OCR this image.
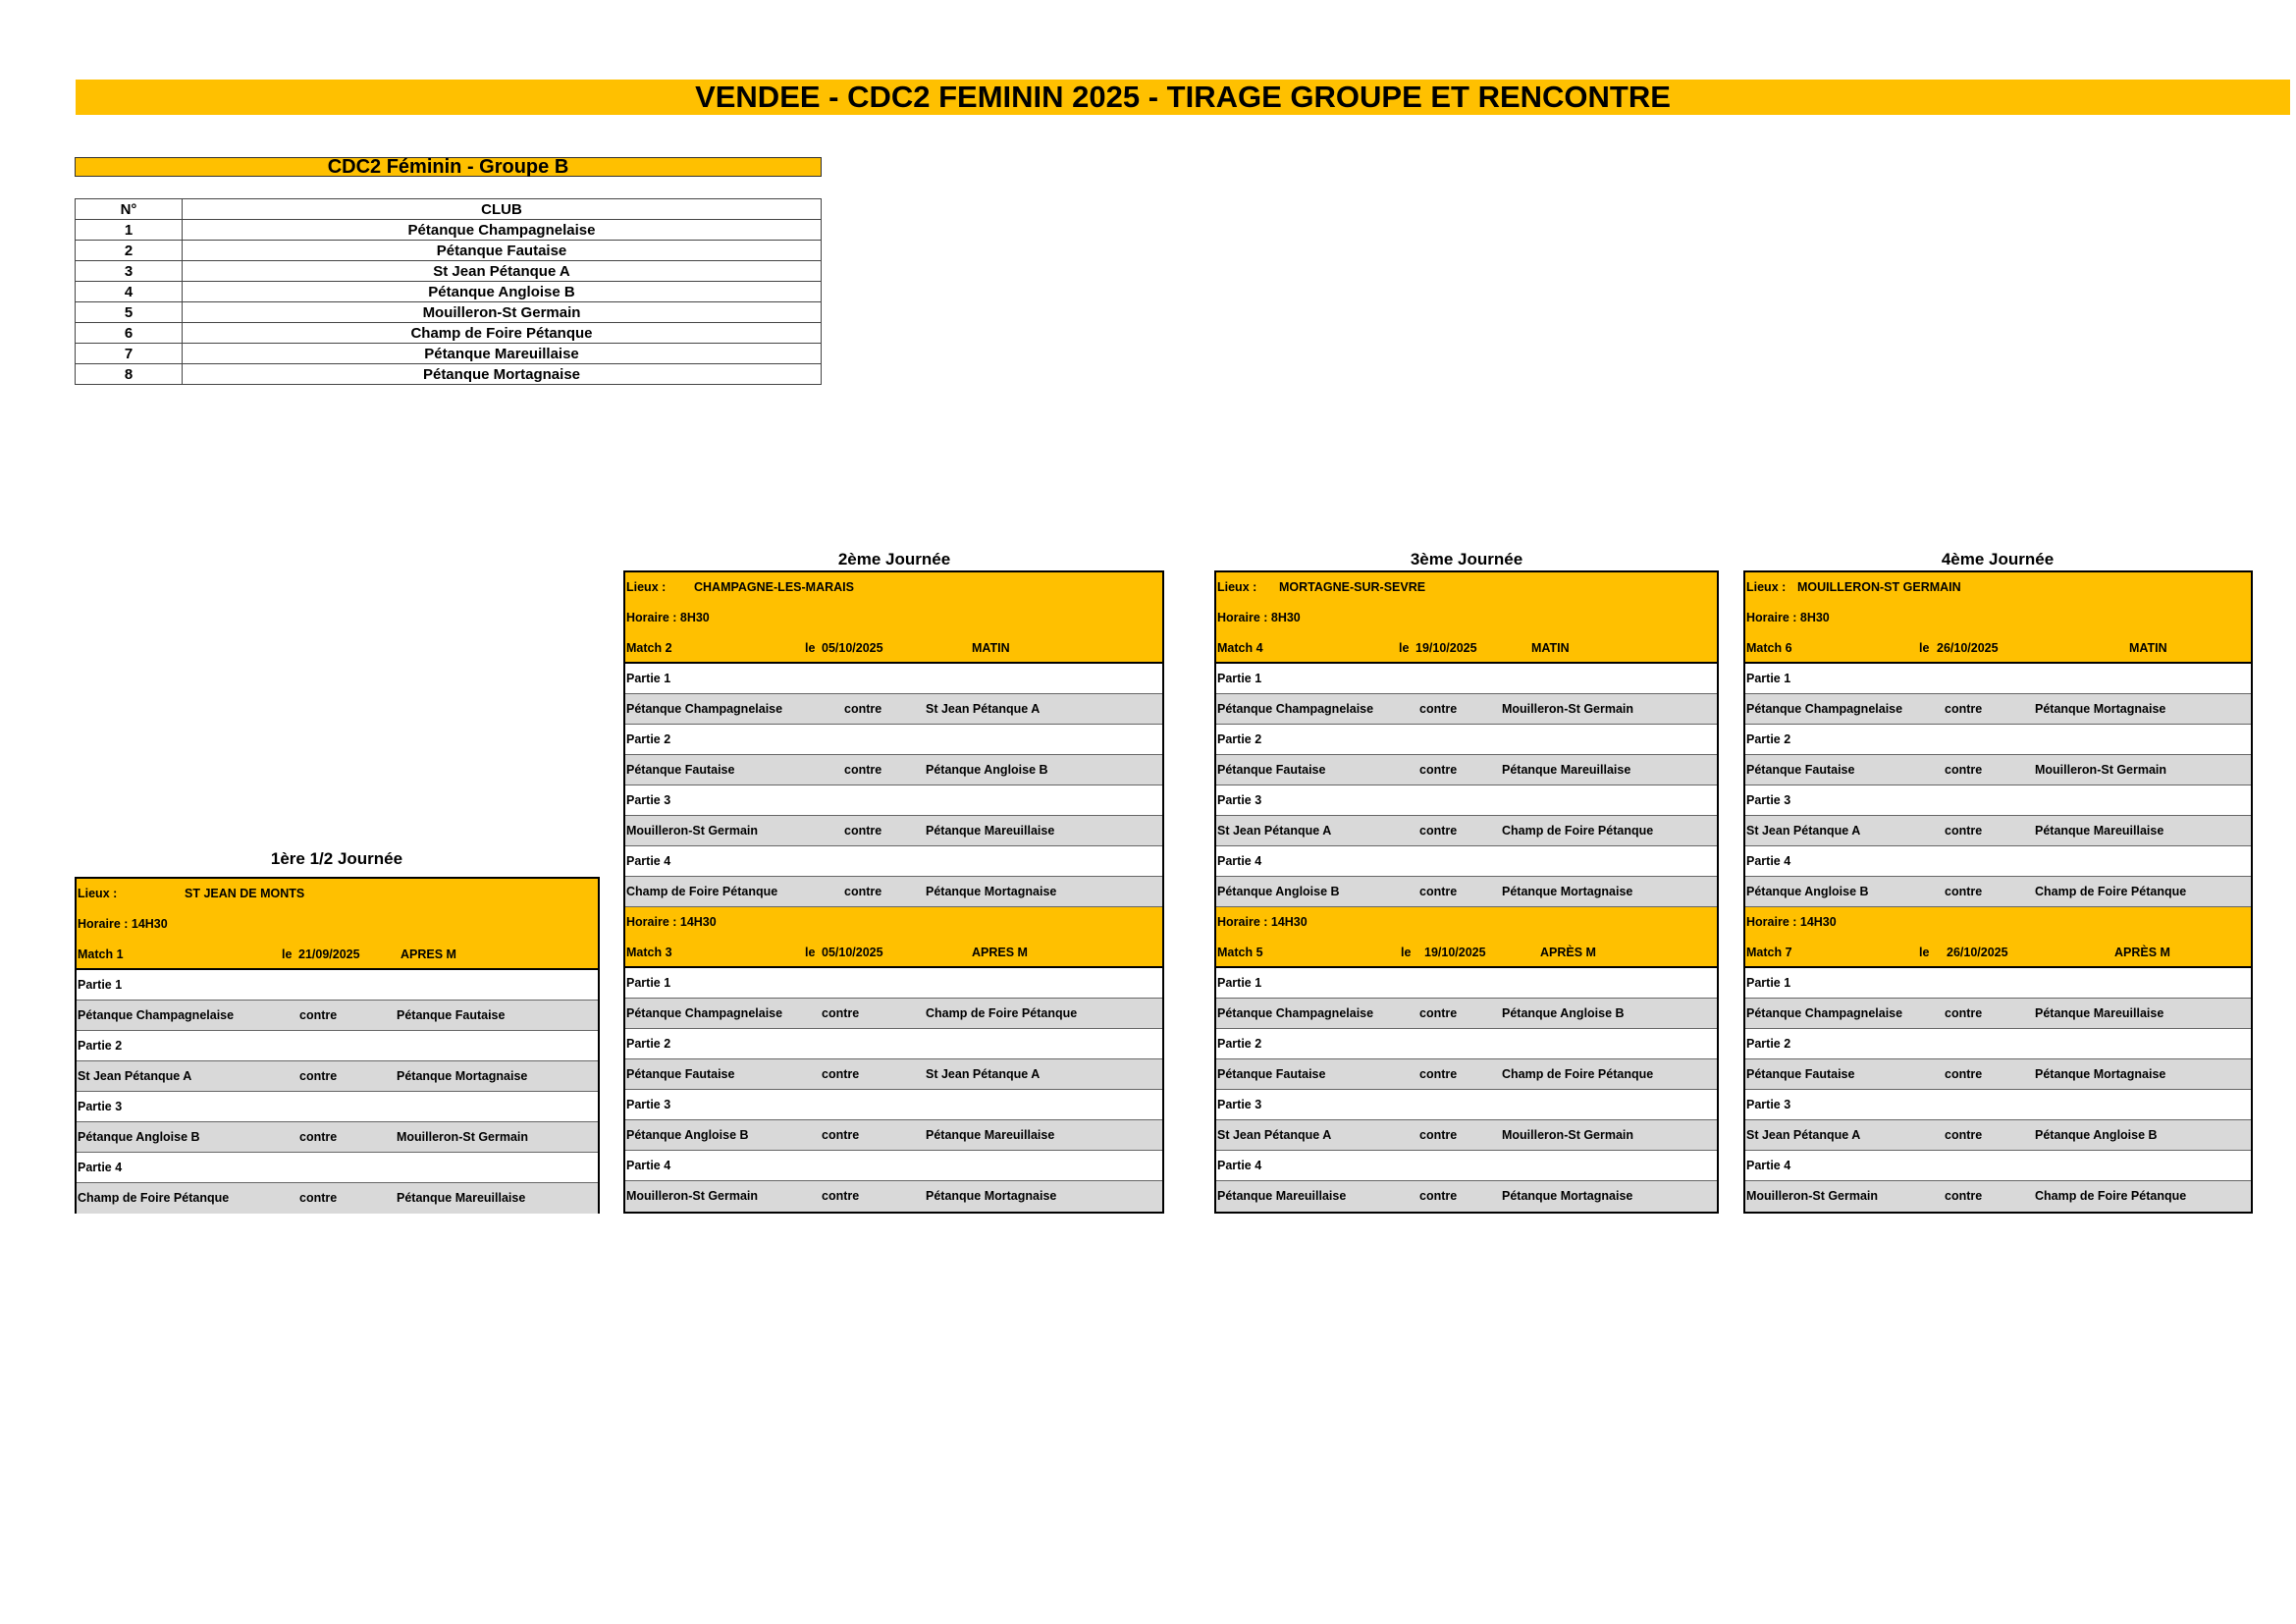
VENDEE - CDC2 FEMININ 2025 - TIRAGE GROUPE ET RENCONTRE
CDC2 Féminin - Groupe B
N°	CLUB
1	Pétanque Champagnelaise
2	Pétanque Fautaise
3	St Jean Pétanque A
4	Pétanque Angloise B
5	Mouilleron-St Germain
6	Champ de Foire Pétanque
7	Pétanque Mareuillaise
8	Pétanque Mortagnaise
1ère 1/2 Journée
2ème Journée	3ème Journée	4ème Journée
Lieux :	ST JEAN DE MONTS
Horaire : 14H30
Match 1	le 21/09/2025	APRES M
Partie 1
Pétanque Champagnelaise	contre	Pétanque Fautaise
Partie 2
St Jean Pétanque A	contre	Pétanque Mortagnaise
Partie 3
Pétanque Angloise B	contre	Mouilleron-St Germain
Partie 4
Champ de Foire Pétanque	contre	Pétanque Mareuillaise
Lieux : CHAMPAGNE-LES-MARAIS
Horaire : 8H30
Match 2	le 05/10/2025	MATIN
Partie 1
Pétanque Champagnelaise	contre	St Jean Pétanque A
Partie 2
Pétanque Fautaise	contre	Pétanque Angloise B
Partie 3
Mouilleron-St Germain	contre	Pétanque Mareuillaise
Partie 4
Champ de Foire Pétanque	contre	Pétanque Mortagnaise
Horaire : 14H30
Match 3	le 05/10/2025	APRES M
Partie 1
Pétanque Champagnelaise	contre	Champ de Foire Pétanque
Partie 2
Pétanque Fautaise	contre	St Jean Pétanque A
Partie 3
Pétanque Angloise B	contre	Pétanque Mareuillaise
Partie 4
Mouilleron-St Germain	contre	Pétanque Mortagnaise
Lieux : MORTAGNE-SUR-SEVRE
Horaire : 8H30
Match 4	le 19/10/2025	MATIN
Partie 1
Pétanque Champagnelaise	contre	Mouilleron-St Germain
Partie 2
Pétanque Fautaise	contre	Pétanque Mareuillaise
Partie 3
St Jean Pétanque A	contre	Champ de Foire Pétanque
Partie 4
Pétanque Angloise B	contre	Pétanque Mortagnaise
Horaire : 14H30
Match 5	le 19/10/2025	APRÈS M
Partie 1
Pétanque Champagnelaise	contre	Pétanque Angloise B
Partie 2
Pétanque Fautaise	contre	Champ de Foire Pétanque
Partie 3
St Jean Pétanque A	contre	Mouilleron-St Germain
Partie 4
Pétanque Mareuillaise	contre	Pétanque Mortagnaise
Lieux : MOUILLERON-ST GERMAIN
Horaire : 8H30
Match 6	le 26/10/2025	MATIN
Partie 1
Pétanque Champagnelaise	contre	Pétanque Mortagnaise
Partie 2
Pétanque Fautaise	contre	Mouilleron-St Germain
Partie 3
St Jean Pétanque A	contre	Pétanque Mareuillaise
Partie 4
Pétanque Angloise B	contre	Champ de Foire Pétanque
Horaire : 14H30
Match 7	le 26/10/2025	APRÈS M
Partie 1
Pétanque Champagnelaise	contre	Pétanque Mareuillaise
Partie 2
Pétanque Fautaise	contre	Pétanque Mortagnaise
Partie 3
St Jean Pétanque A	contre	Pétanque Angloise B
Partie 4
Mouilleron-St Germain	contre	Champ de Foire Pétanque
